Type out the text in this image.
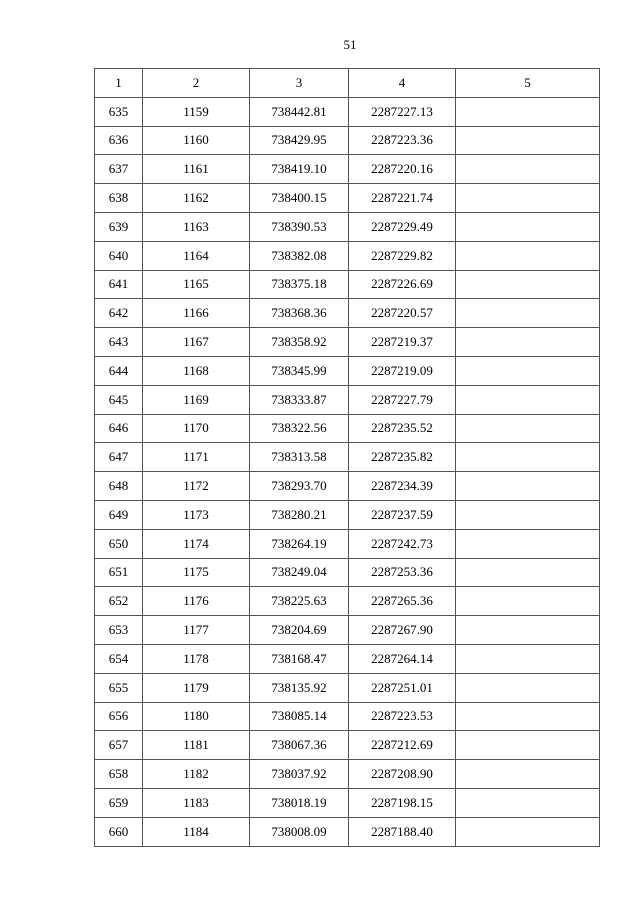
51
1	2	3	4	5
635	1159	738442.81	2287227.13	
636	1160	738429.95	2287223.36	
637	1161	738419.10	2287220.16	
638	1162	738400.15	2287221.74	
639	1163	738390.53	2287229.49	
640	1164	738382.08	2287229.82	
641	1165	738375.18	2287226.69	
642	1166	738368.36	2287220.57	
643	1167	738358.92	2287219.37	
644	1168	738345.99	2287219.09	
645	1169	738333.87	2287227.79	
646	1170	738322.56	2287235.52	
647	1171	738313.58	2287235.82	
648	1172	738293.70	2287234.39	
649	1173	738280.21	2287237.59	
650	1174	738264.19	2287242.73	
651	1175	738249.04	2287253.36	
652	1176	738225.63	2287265.36	
653	1177	738204.69	2287267.90	
654	1178	738168.47	2287264.14	
655	1179	738135.92	2287251.01	
656	1180	738085.14	2287223.53	
657	1181	738067.36	2287212.69	
658	1182	738037.92	2287208.90	
659	1183	738018.19	2287198.15	
660	1184	738008.09	2287188.40	
